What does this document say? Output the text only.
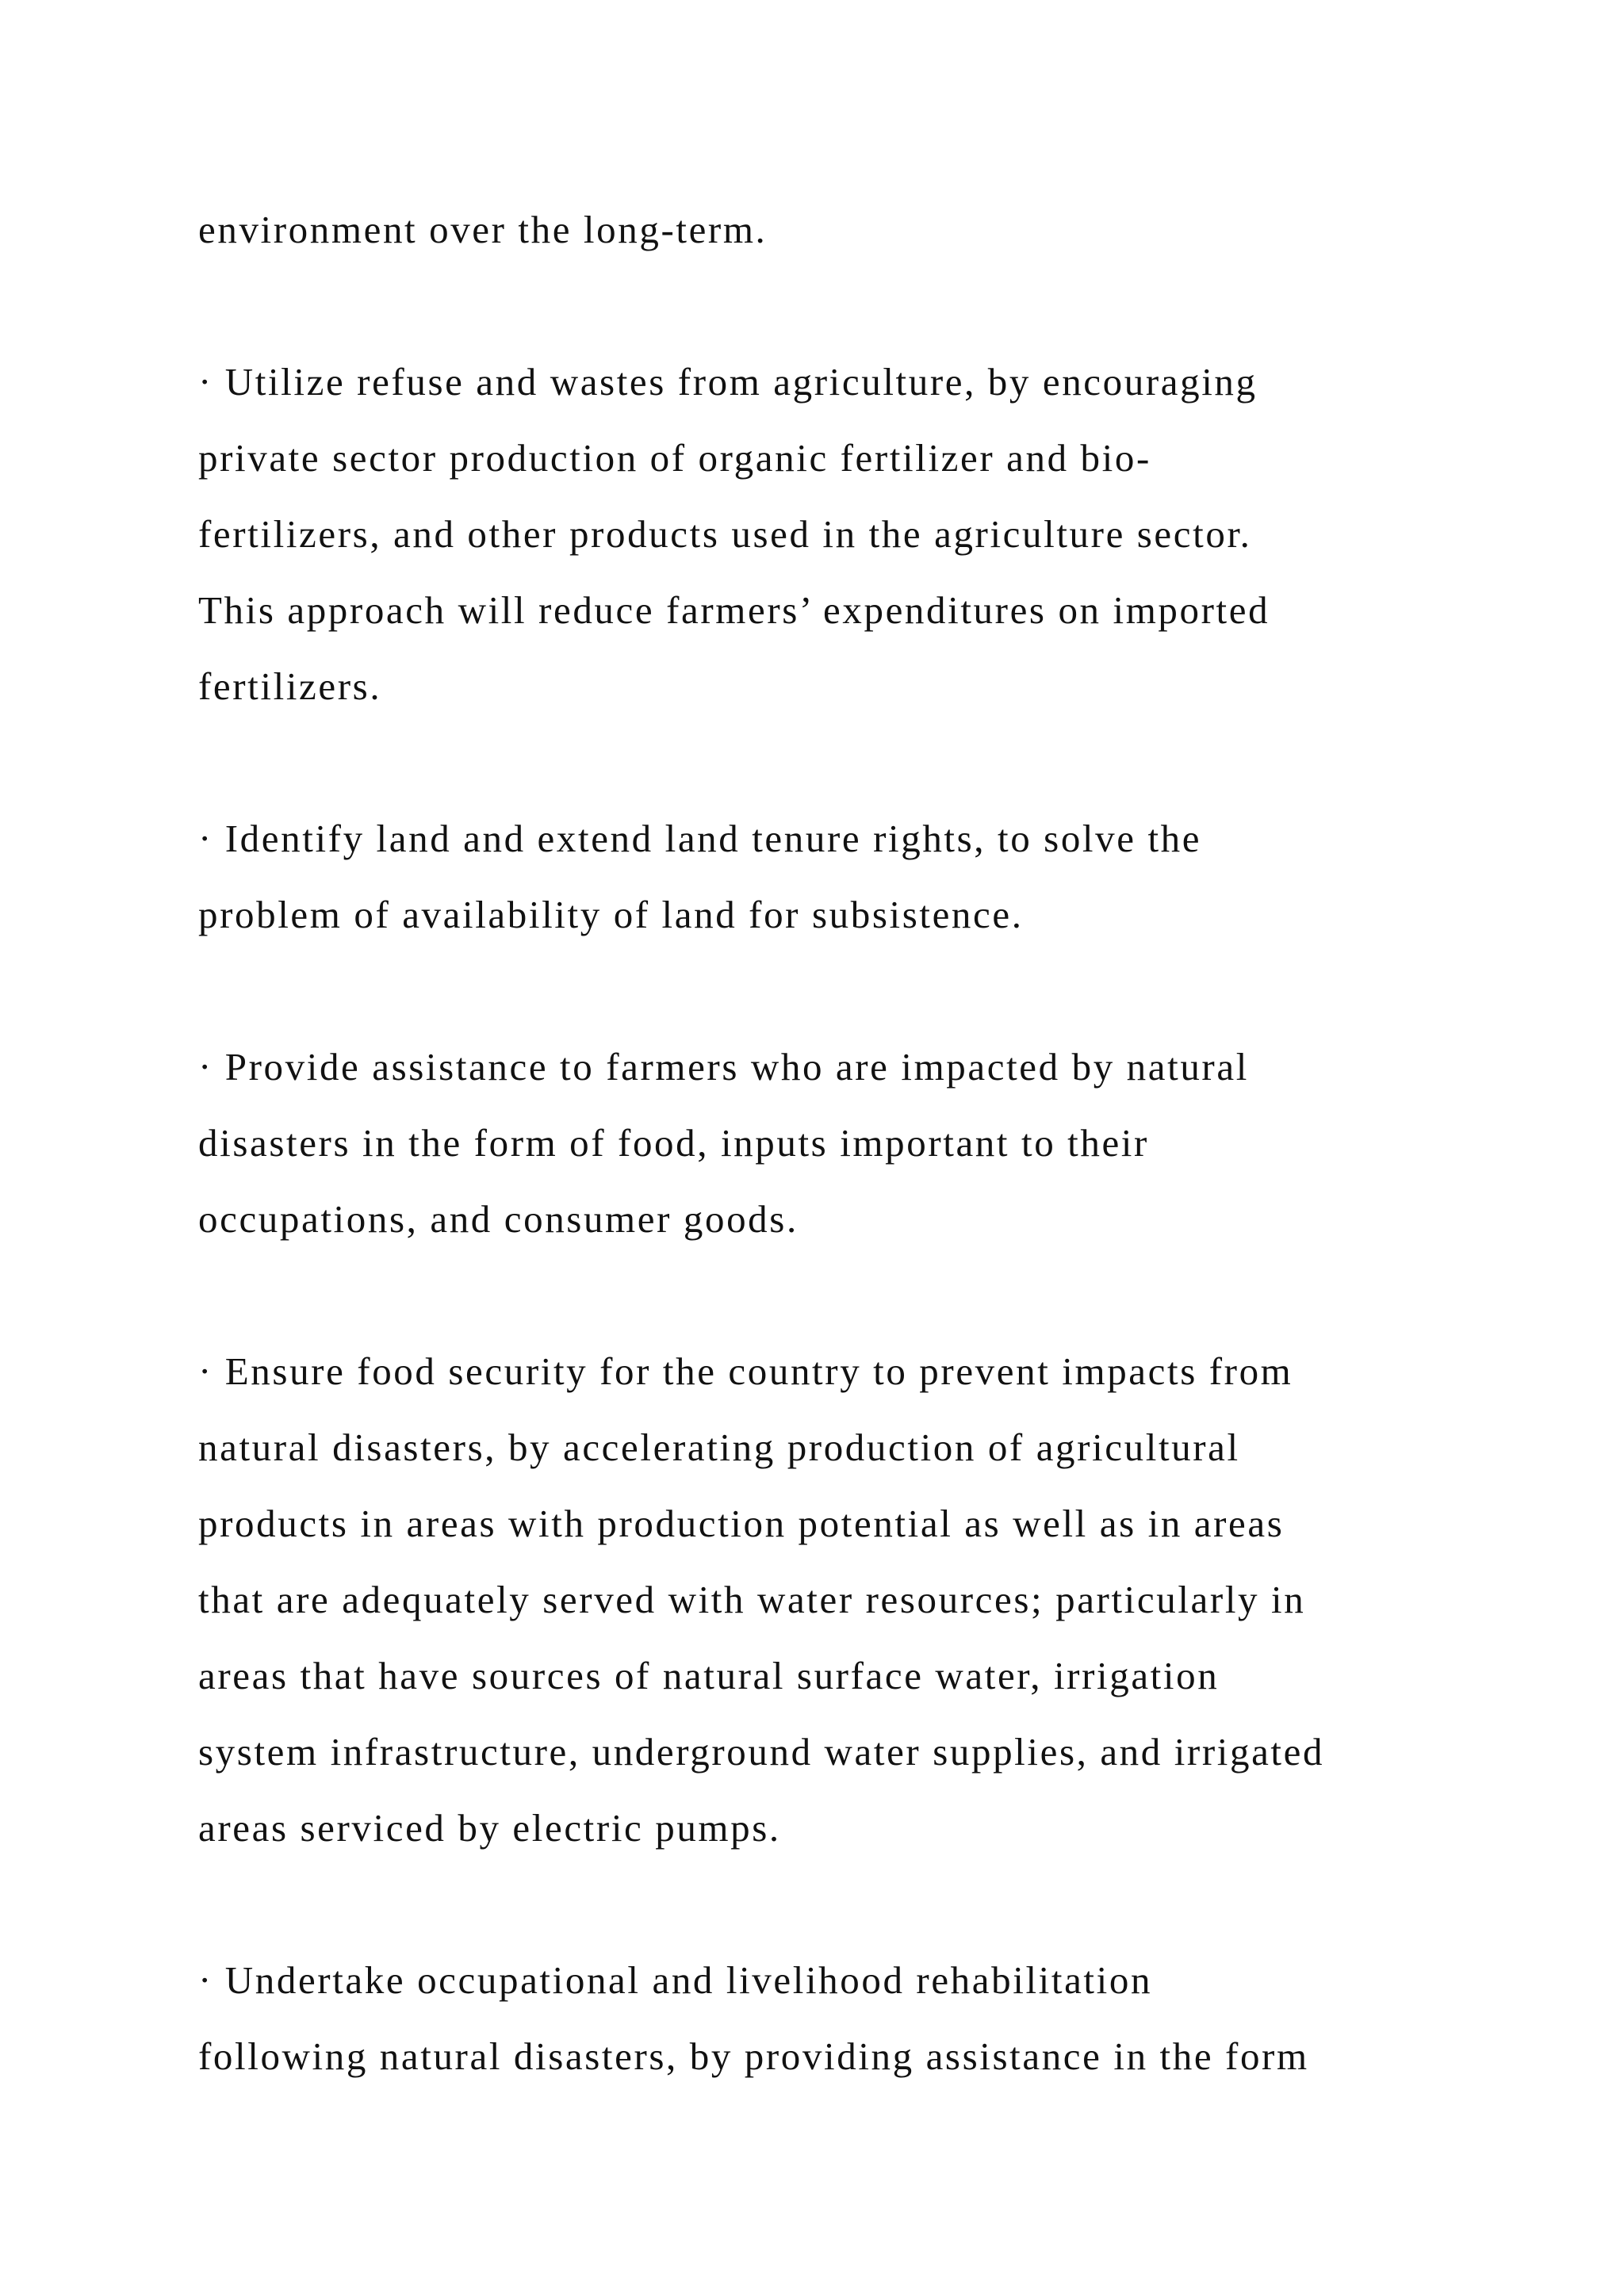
environment over the long-term.
· Utilize refuse and wastes from agriculture, by encouraging
private sector production of organic fertilizer and bio-
fertilizers, and other products used in the agriculture sector.
This approach will reduce farmers’ expenditures on imported
fertilizers.
· Identify land and extend land tenure rights, to solve the
problem of availability of land for subsistence.
· Provide assistance to farmers who are impacted by natural
disasters in the form of food, inputs important to their
occupations, and consumer goods.
· Ensure food security for the country to prevent impacts from
natural disasters, by accelerating production of agricultural
products in areas with production potential as well as in areas
that are adequately served with water resources; particularly in
areas that have sources of natural surface water, irrigation
system infrastructure, underground water supplies, and irrigated
areas serviced by electric pumps.
· Undertake occupational and livelihood rehabilitation
following natural disasters, by providing assistance in the form
